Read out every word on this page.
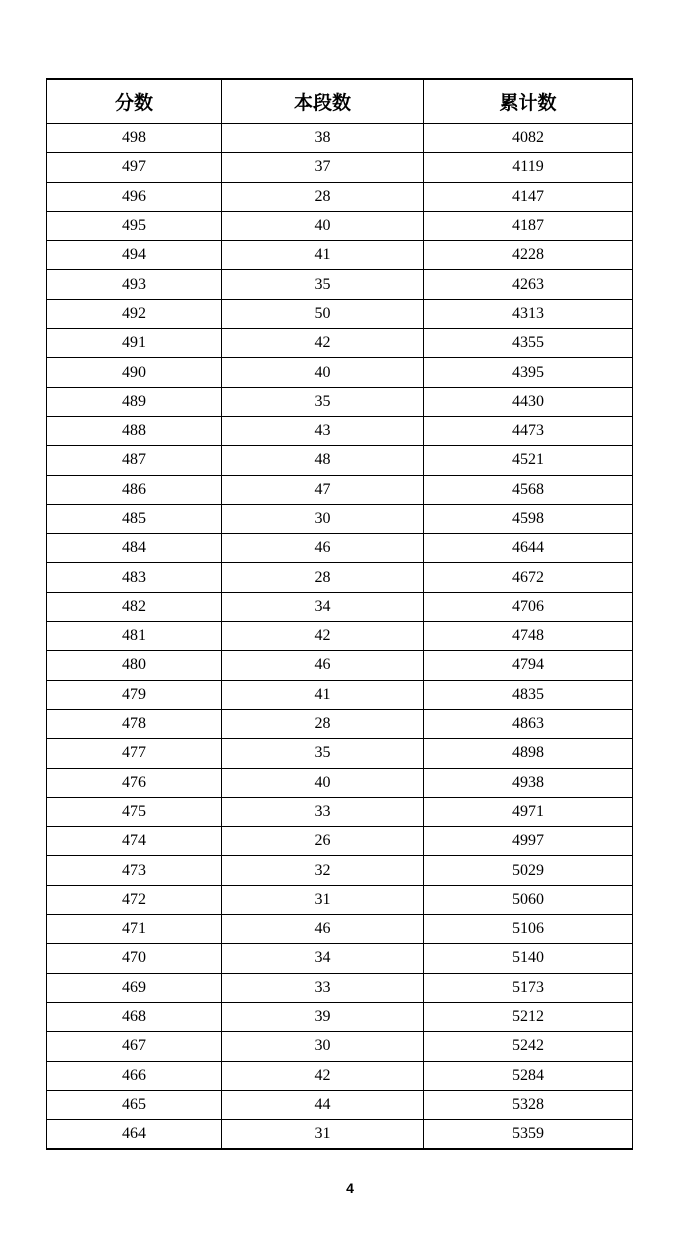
分数	本段数	累计数
498	38	4082
497	37	4119
496	28	4147
495	40	4187
494	41	4228
493	35	4263
492	50	4313
491	42	4355
490	40	4395
489	35	4430
488	43	4473
487	48	4521
486	47	4568
485	30	4598
484	46	4644
483	28	4672
482	34	4706
481	42	4748
480	46	4794
479	41	4835
478	28	4863
477	35	4898
476	40	4938
475	33	4971
474	26	4997
473	32	5029
472	31	5060
471	46	5106
470	34	5140
469	33	5173
468	39	5212
467	30	5242
466	42	5284
465	44	5328
464	31	5359
4
